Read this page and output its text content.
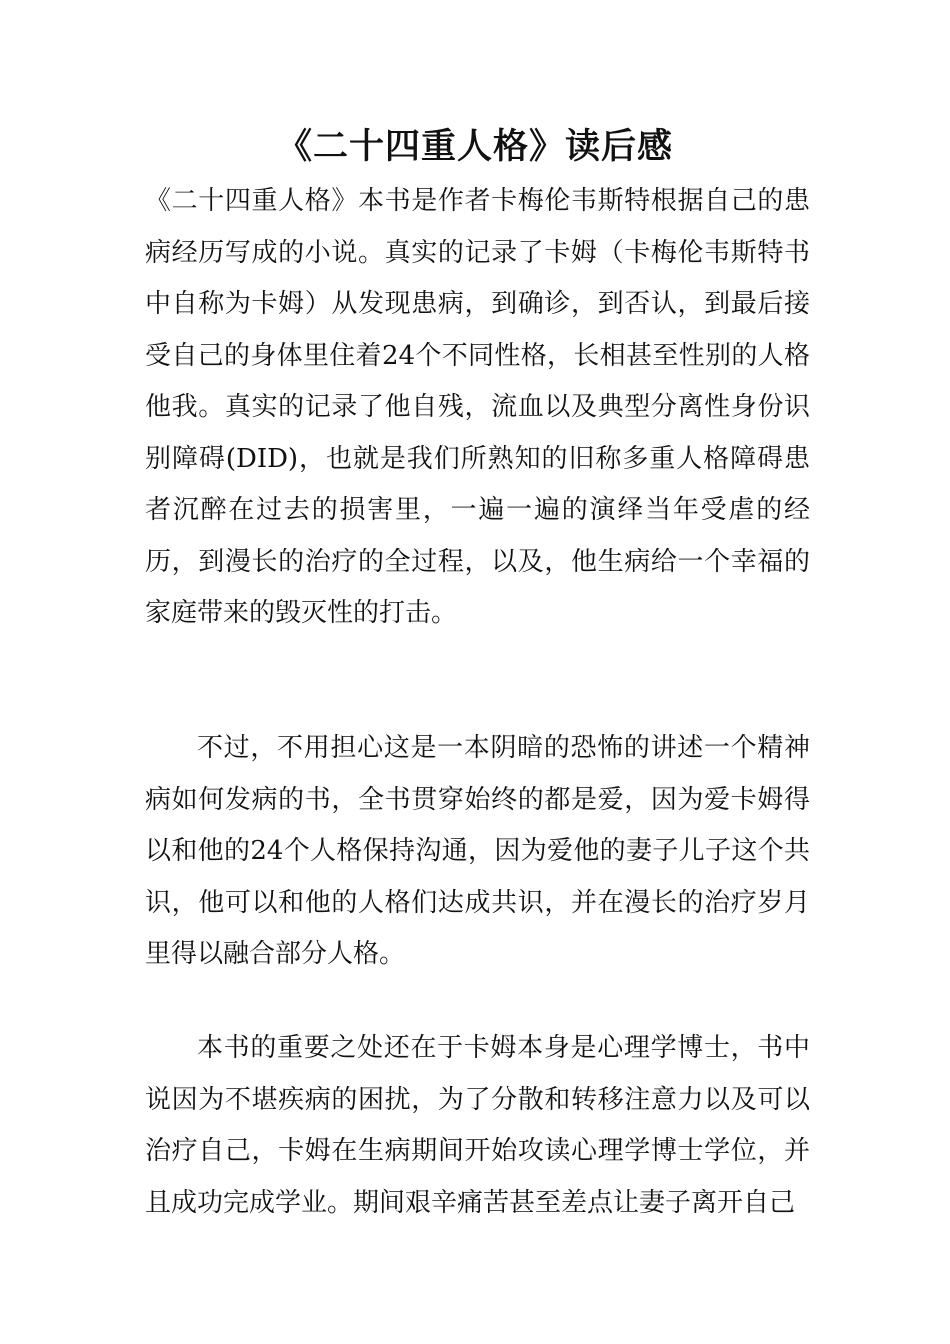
《二十四重人格》读后感

《二十四重人格》本书是作者卡梅伦韦斯特根据自己的患病经历写成的小说。真实的记录了卡姆（卡梅伦韦斯特书中自称为卡姆）从发现患病，到确诊，到否认，到最后接受自己的身体里住着24个不同性格，长相甚至性别的人格他我。真实的记录了他自残，流血以及典型分离性身份识别障碍(DID)，也就是我们所熟知的旧称多重人格障碍患者沉醉在过去的损害里，一遍一遍的演绎当年受虐的经历，到漫长的治疗的全过程，以及，他生病给一个幸福的家庭带来的毁灭性的打击。

不过，不用担心这是一本阴暗的恐怖的讲述一个精神病如何发病的书，全书贯穿始终的都是爱，因为爱卡姆得以和他的24个人格保持沟通，因为爱他的妻子儿子这个共识，他可以和他的人格们达成共识，并在漫长的治疗岁月里得以融合部分人格。

本书的重要之处还在于卡姆本身是心理学博士，书中说因为不堪疾病的困扰，为了分散和转移注意力以及可以治疗自己，卡姆在生病期间开始攻读心理学博士学位，并且成功完成学业。期间艰辛痛苦甚至差点让妻子离开自己
